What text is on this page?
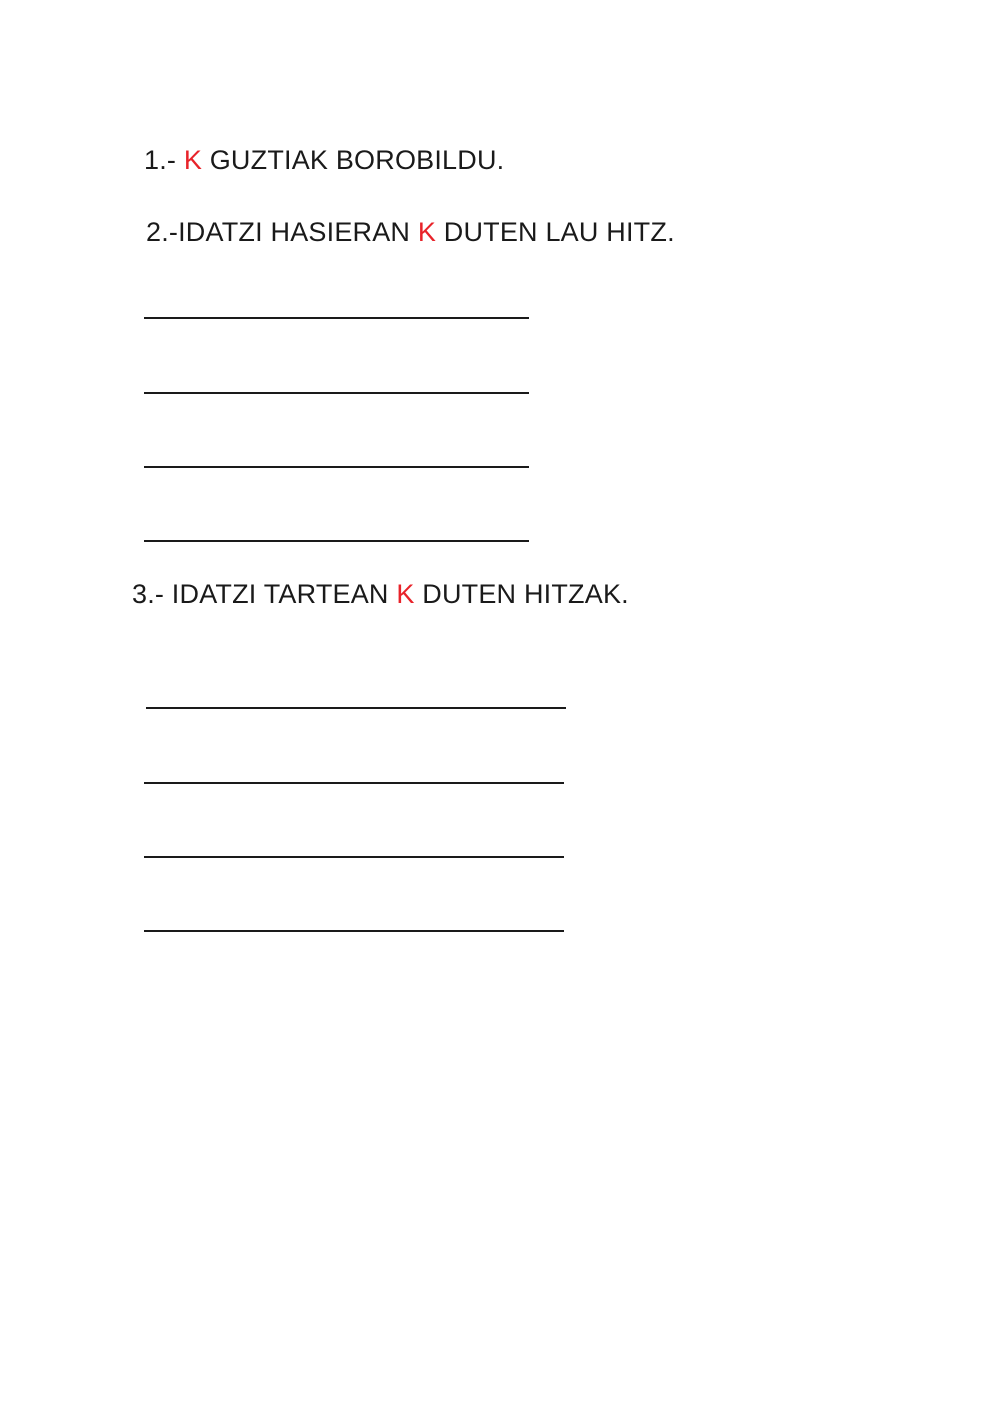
1.- K GUZTIAK BOROBILDU.
2.-IDATZI HASIERAN K DUTEN LAU HITZ.
3.- IDATZI TARTEAN K DUTEN HITZAK.
